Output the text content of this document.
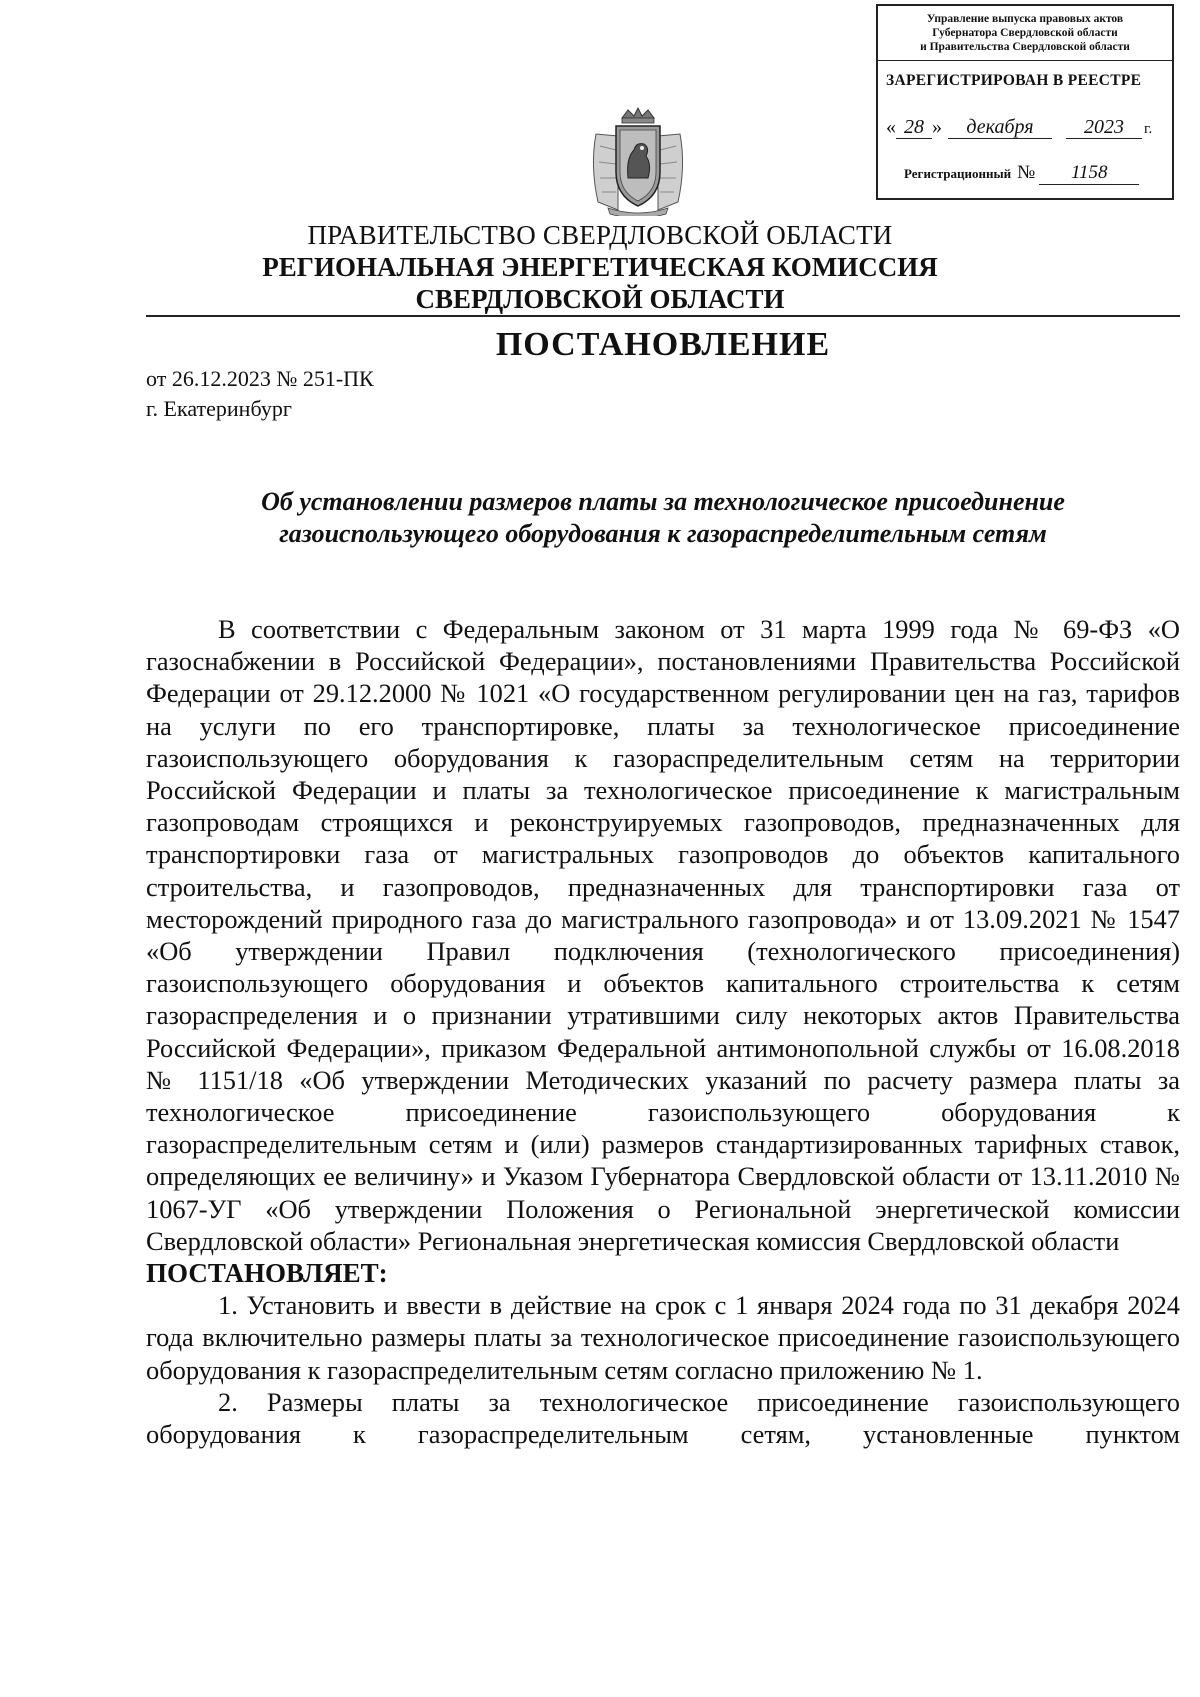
Управление выпуска правовых актов
Губернатора Свердловской области
и Правительства Свердловской области
ЗАРЕГИСТРИРОВАН В РЕЕСТРЕ
« 28 » декабря	2023 г.
Регистрационный № 1158
ПРАВИТЕЛЬСТВО СВЕРДЛОВСКОЙ ОБЛАСТИ
РЕГИОНАЛЬНАЯ ЭНЕРГЕТИЧЕСКАЯ КОМИССИЯ
СВЕРДЛОВСКОЙ ОБЛАСТИ
ПОСТАНОВЛЕНИЕ
от 26.12.2023 № 251-ПК
г. Екатеринбург
Об установлении размеров платы за технологическое присоединение
газоиспользующего оборудования к газораспределительным сетям

В соответствии с Федеральным законом от 31 марта 1999 года № 69-ФЗ «О газоснабжении в Российской Федерации», постановлениями Правительства Российской Федерации от 29.12.2000 № 1021 «О государственном регулировании цен на газ, тарифов на услуги по его транспортировке, платы за технологическое присоединение газоиспользующего оборудования к газораспределительным сетям на территории Российской Федерации и платы за технологическое присоединение к магистральным газопроводам строящихся и реконструируемых газопроводов, предназначенных для транспортировки газа от магистральных газопроводов до объектов капитального строительства, и газопроводов, предназначенных для транспортировки газа от месторождений природного газа до магистрального газопровода» и от 13.09.2021 № 1547 «Об утверждении Правил подключения (технологического присоединения) газоиспользующего оборудования и объектов капитального строительства к сетям газораспределения и о признании утратившими силу некоторых актов Правительства Российской Федерации», приказом Федеральной антимонопольной службы от 16.08.2018 № 1151/18 «Об утверждении Методических указаний по расчету размера платы за технологическое присоединение газоиспользующего оборудования к газораспределительным сетям и (или) размеров стандартизированных тарифных ставок, определяющих ее величину» и Указом Губернатора Свердловской области от 13.11.2010 № 1067-УГ «Об утверждении Положения о Региональной энергетической комиссии Свердловской области» Региональная энергетическая комиссия Свердловской области

ПОСТАНОВЛЯЕТ:

1. Установить и ввести в действие на срок с 1 января 2024 года по 31 декабря 2024 года включительно размеры платы за технологическое присоединение газоиспользующего оборудования к газораспределительным сетям согласно приложению № 1.

2. Размеры платы за технологическое присоединение газоиспользующего оборудования к газораспределительным сетям, установленные пунктом
